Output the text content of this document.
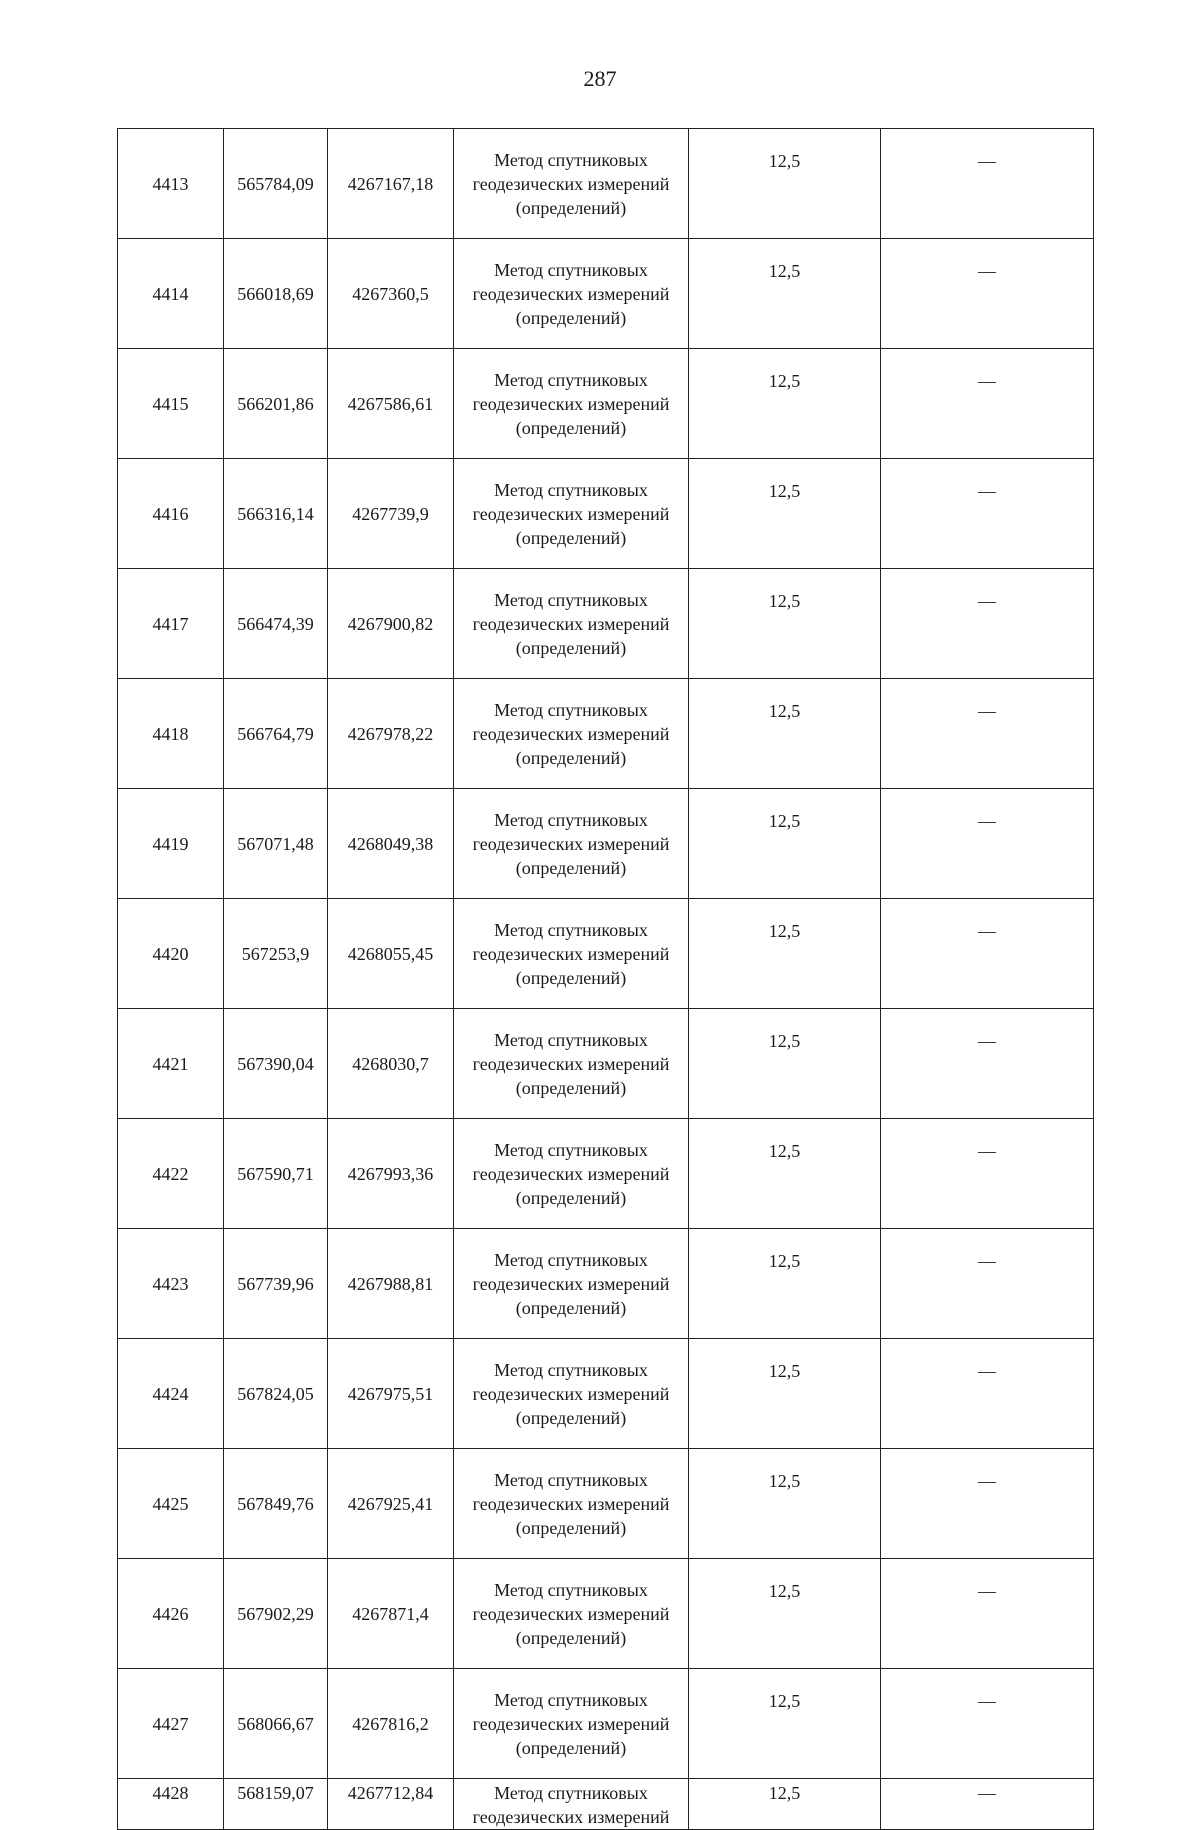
287
4413	565784,09	4267167,18	Метод спутниковых
геодезических измерений
(определений)	12,5	—
4414	566018,69	4267360,5	Метод спутниковых
геодезических измерений
(определений)	12,5	—
4415	566201,86	4267586,61	Метод спутниковых
геодезических измерений
(определений)	12,5	—
4416	566316,14	4267739,9	Метод спутниковых
геодезических измерений
(определений)	12,5	—
4417	566474,39	4267900,82	Метод спутниковых
геодезических измерений
(определений)	12,5	—
4418	566764,79	4267978,22	Метод спутниковых
геодезических измерений
(определений)	12,5	—
4419	567071,48	4268049,38	Метод спутниковых
геодезических измерений
(определений)	12,5	—
4420	567253,9	4268055,45	Метод спутниковых
геодезических измерений
(определений)	12,5	—
4421	567390,04	4268030,7	Метод спутниковых
геодезических измерений
(определений)	12,5	—
4422	567590,71	4267993,36	Метод спутниковых
геодезических измерений
(определений)	12,5	—
4423	567739,96	4267988,81	Метод спутниковых
геодезических измерений
(определений)	12,5	—
4424	567824,05	4267975,51	Метод спутниковых
геодезических измерений
(определений)	12,5	—
4425	567849,76	4267925,41	Метод спутниковых
геодезических измерений
(определений)	12,5	—
4426	567902,29	4267871,4	Метод спутниковых
геодезических измерений
(определений)	12,5	—
4427	568066,67	4267816,2	Метод спутниковых
геодезических измерений
(определений)	12,5	—
4428	568159,07	4267712,84	Метод спутниковых
геодезических измерений	12,5	—
